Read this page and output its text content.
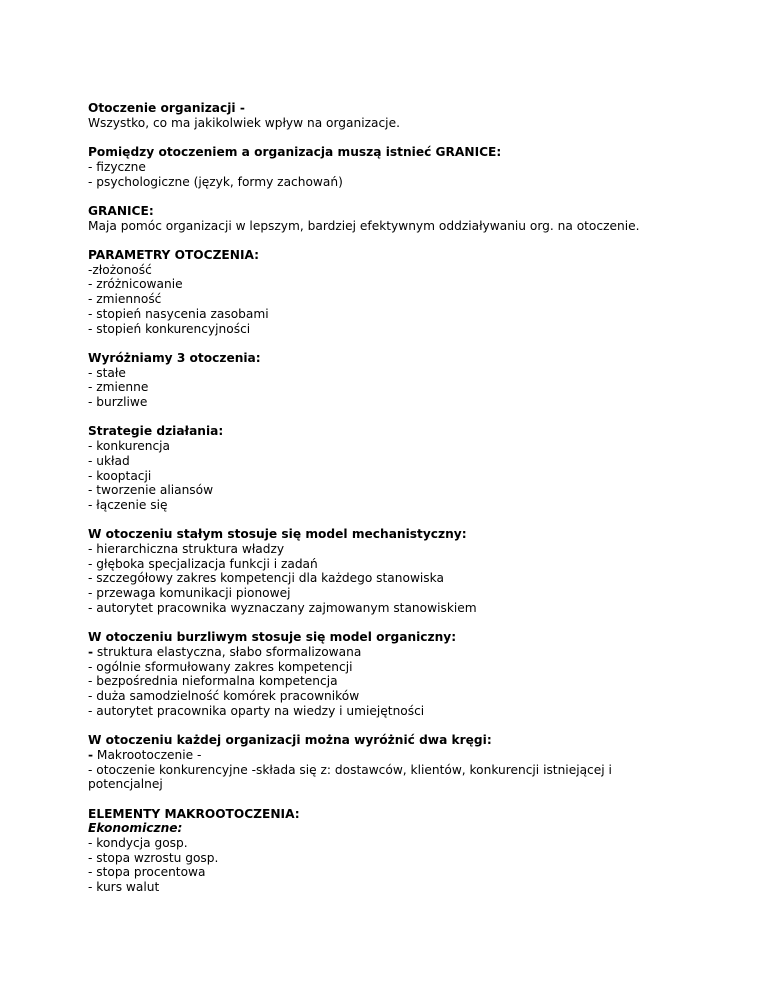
Otoczenie organizacji -
Wszystko, co ma jakikolwiek wpływ na organizacje.
Pomiędzy otoczeniem a organizacja muszą istnieć GRANICE:
- fizyczne
- psychologiczne (język, formy zachowań)
GRANICE:
Maja pomóc organizacji w lepszym, bardziej efektywnym oddziaływaniu org. na otoczenie.
PARAMETRY OTOCZENIA:
-złożoność
- zróżnicowanie
- zmienność
- stopień nasycenia zasobami
- stopień konkurencyjności
Wyróżniamy 3 otoczenia:
- stałe
- zmienne
- burzliwe
Strategie działania:
- konkurencja
- układ
- kooptacji
- tworzenie aliansów
- łączenie się
W otoczeniu stałym stosuje się model mechanistyczny:
- hierarchiczna struktura władzy
- głęboka specjalizacja funkcji i zadań
- szczegółowy zakres kompetencji dla każdego stanowiska
- przewaga komunikacji pionowej
- autorytet pracownika wyznaczany zajmowanym stanowiskiem
W otoczeniu burzliwym stosuje się model organiczny:
- struktura elastyczna, słabo sformalizowana
- ogólnie sformułowany zakres kompetencji
- bezpośrednia nieformalna kompetencja
- duża samodzielność komórek pracowników
- autorytet pracownika oparty na wiedzy i umiejętności
W otoczeniu każdej organizacji można wyróżnić dwa kręgi:
- Makrootoczenie -
- otoczenie konkurencyjne -składa się z: dostawców, klientów, konkurencji istniejącej i potencjalnej
ELEMENTY MAKROOTOCZENIA:
Ekonomiczne:
- kondycja gosp.
- stopa wzrostu gosp.
- stopa procentowa
- kurs walut
